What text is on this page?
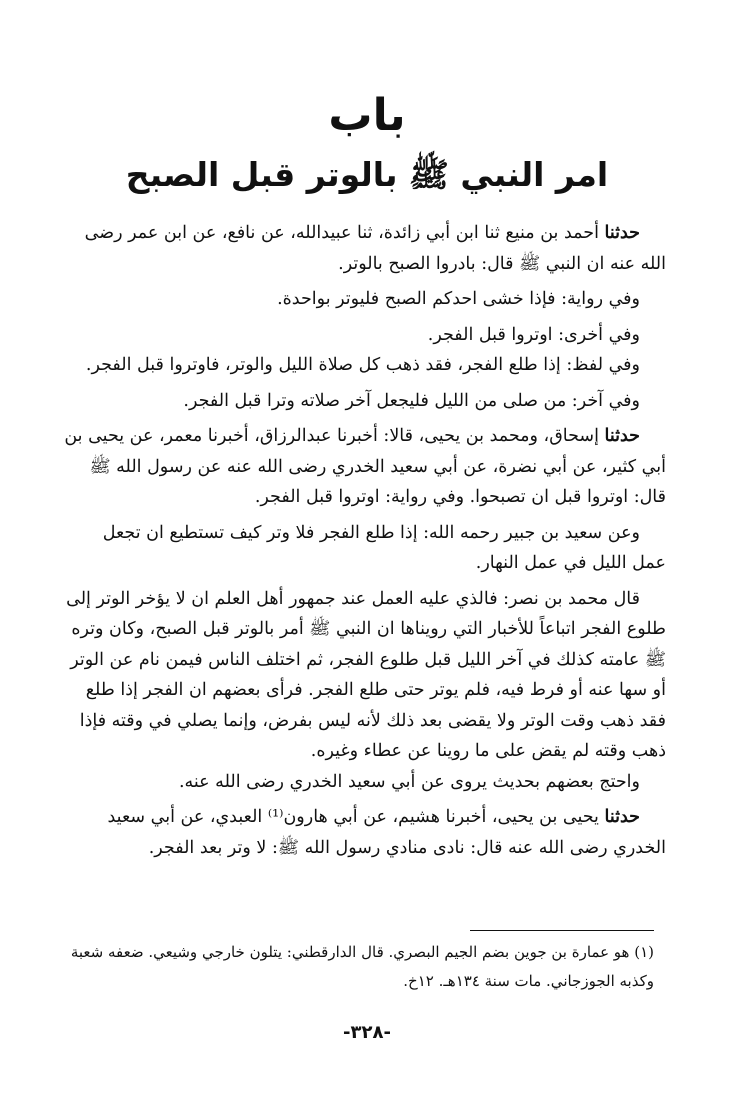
باب
امر النبي ﷺ بالوتر قبل الصبح

حدثنا أحمد بن منيع ثنا ابن أبي زائدة، ثنا عبيدالله، عن نافع، عن ابن عمر رضى الله عنه ان النبي ﷺ قال: بادروا الصبح بالوتر.

وفي رواية: فإذا خشى احدكم الصبح فليوتر بواحدة.

وفي أخرى: اوتروا قبل الفجر.

وفي لفظ: إذا طلع الفجر، فقد ذهب كل صلاة الليل والوتر، فاوتروا قبل الفجر.

وفي آخر: من صلى من الليل فليجعل آخر صلاته وترا قبل الفجر.

حدثنا إسحاق، ومحمد بن يحيى، قالا: أخبرنا عبدالرزاق، أخبرنا معمر، عن يحيى بن أبي كثير، عن أبي نضرة، عن أبي سعيد الخدري رضى الله عنه عن رسول الله ﷺ قال: اوتروا قبل ان تصبحوا. وفي رواية: اوتروا قبل الفجر.

وعن سعيد بن جبير رحمه الله: إذا طلع الفجر فلا وتر كيف تستطيع ان تجعل عمل الليل في عمل النهار.

قال محمد بن نصر: فالذي عليه العمل عند جمهور أهل العلم ان لا يؤخر الوتر إلى طلوع الفجر اتباعاً للأخبار التي رويناها ان النبي ﷺ أمر بالوتر قبل الصبح، وكان وتره ﷺ عامته كذلك في آخر الليل قبل طلوع الفجر، ثم اختلف الناس فيمن نام عن الوتر أو سها عنه أو فرط فيه، فلم يوتر حتى طلع الفجر. فرأى بعضهم ان الفجر إذا طلع فقد ذهب وقت الوتر ولا يقضى بعد ذلك لأنه ليس بفرض، وإنما يصلي في وقته فإذا ذهب وقته لم يقض على ما روينا عن عطاء وغيره.

واحتج بعضهم بحديث يروى عن أبي سعيد الخدري رضى الله عنه.

حدثنا يحيى بن يحيى، أخبرنا هشيم، عن أبي هارون⁽¹⁾ العبدي، عن أبي سعيد الخدري رضى الله عنه قال: نادى منادي رسول الله ﷺ: لا وتر بعد الفجر.

(١) هو عمارة بن جوين بضم الجيم البصري. قال الدارقطني: يتلون خارجي وشيعي. ضعفه شعبة وكذبه الجوزجاني. مات سنة ١٣٤هـ. ١٢خ.

-٣٢٨-
